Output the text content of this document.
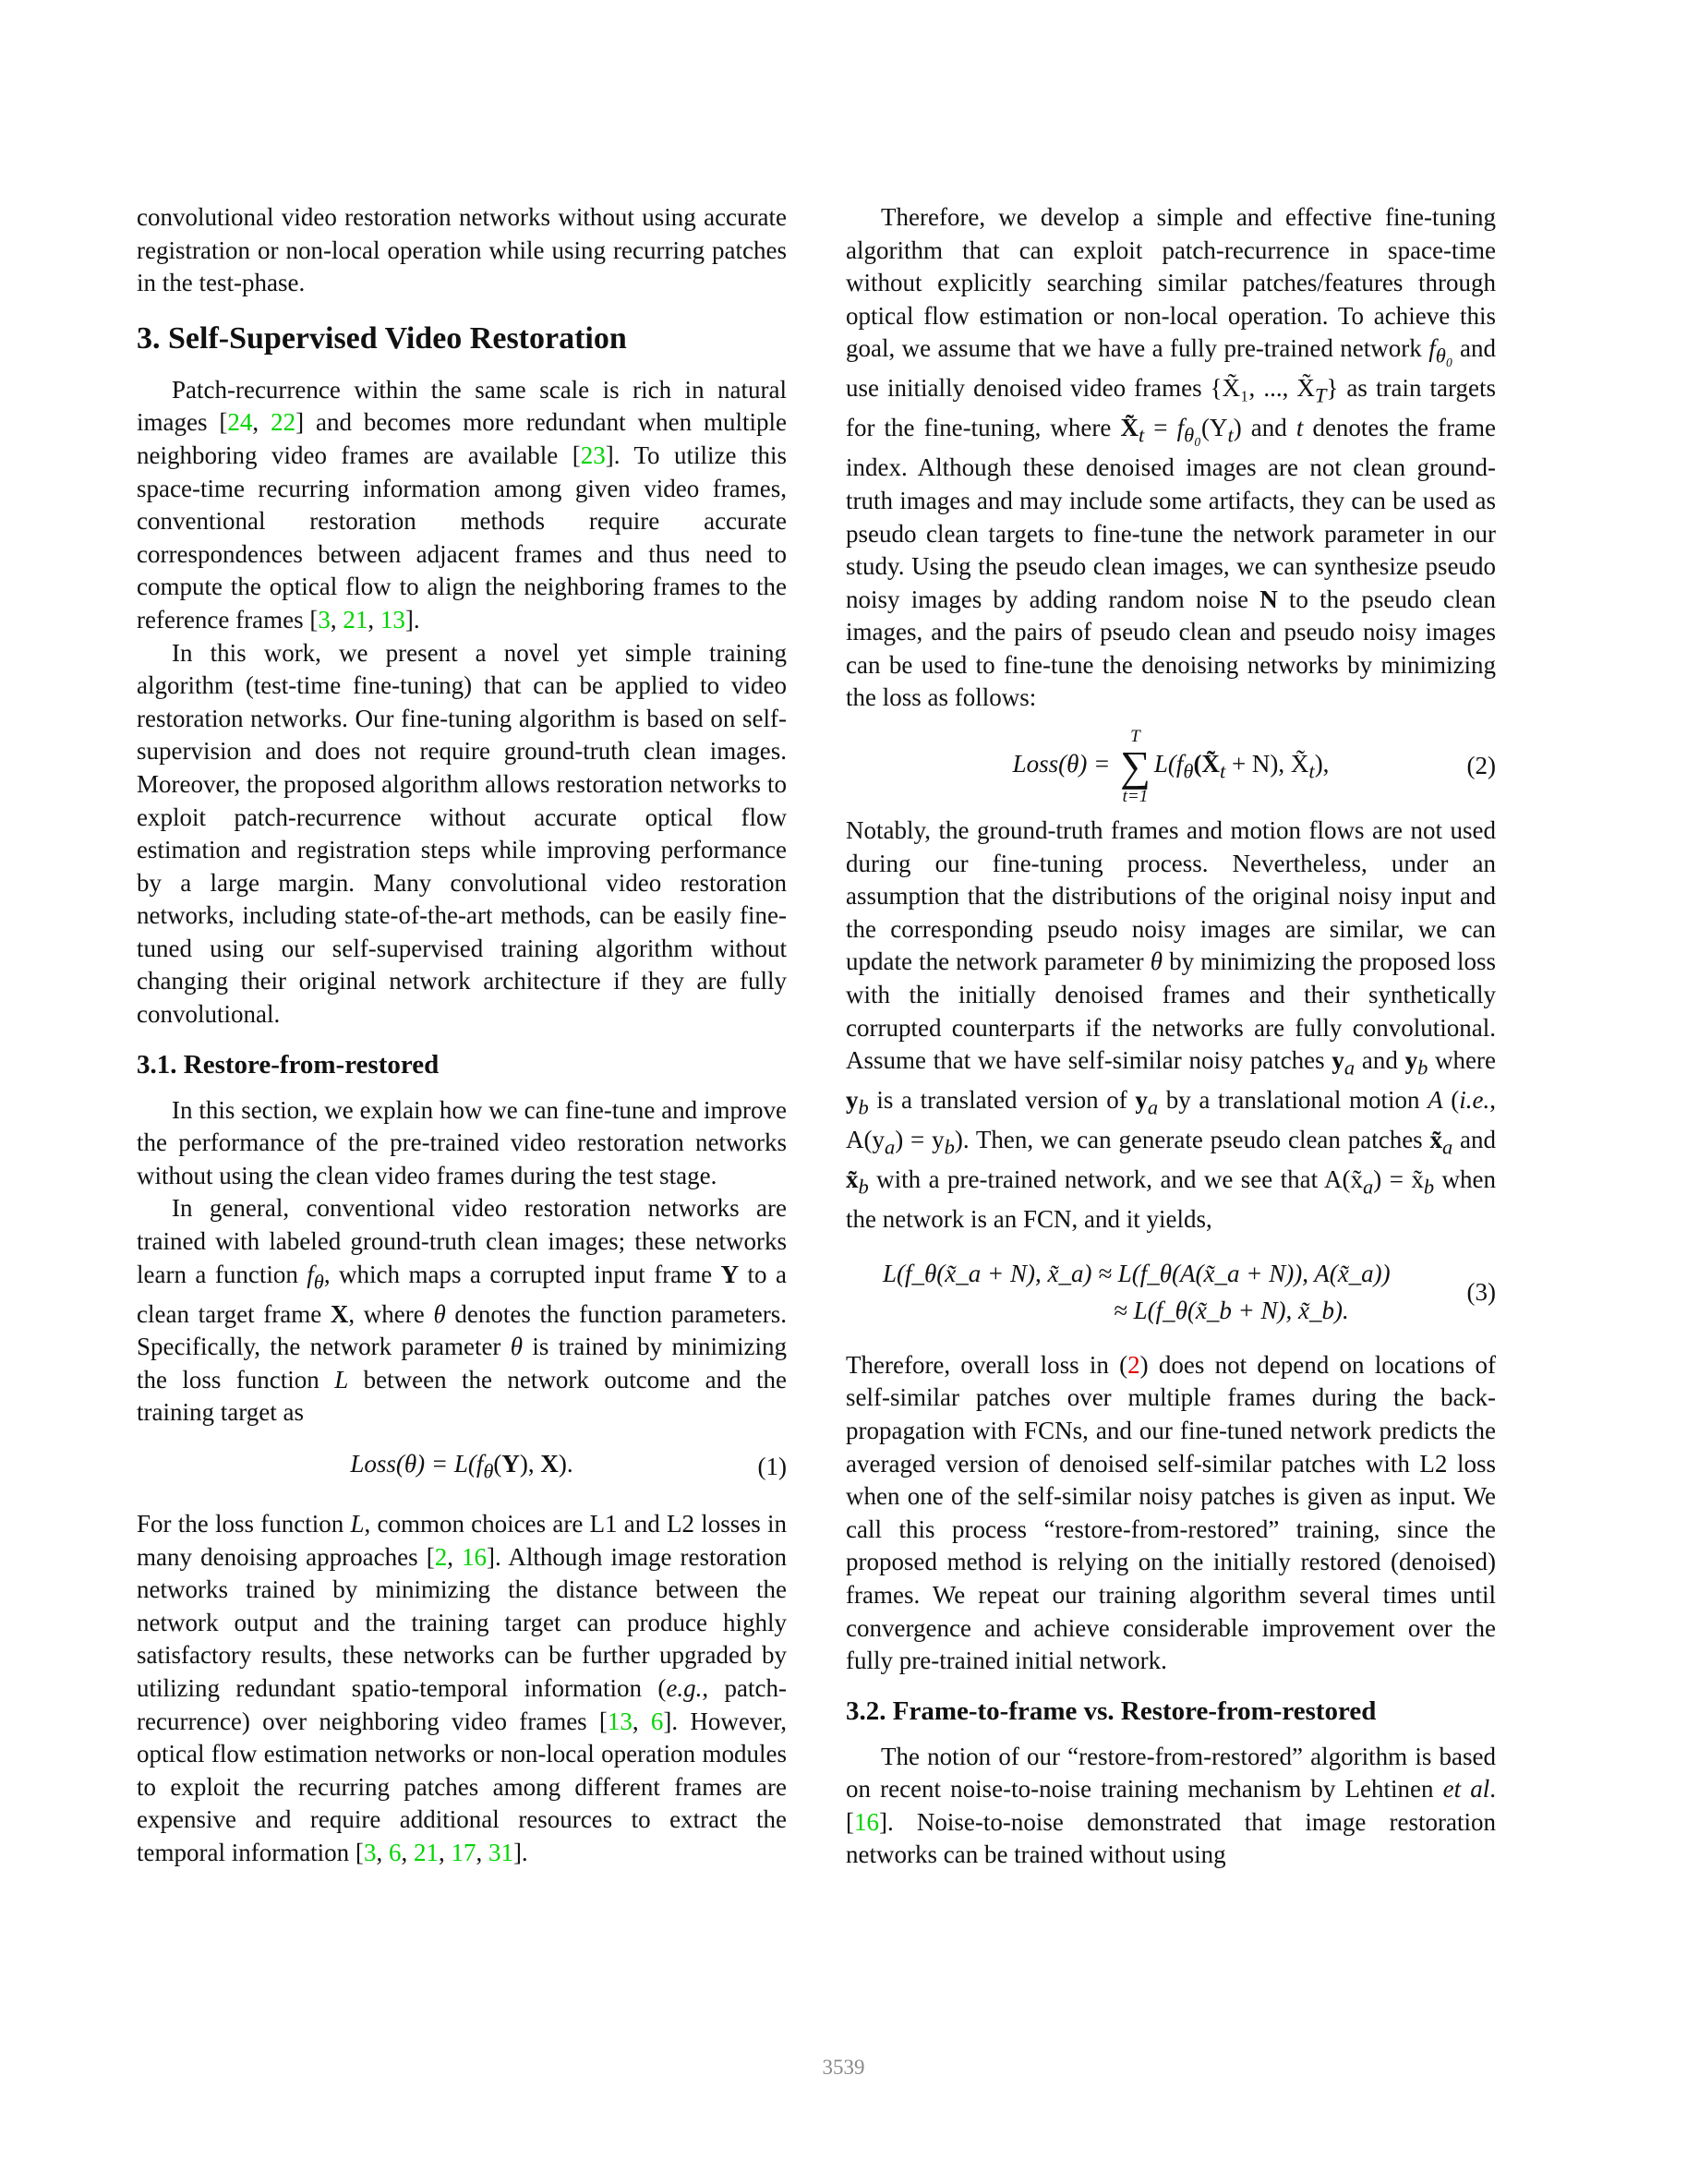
convolutional video restoration networks without using accurate registration or non-local operation while using recurring patches in the test-phase.

3. Self-Supervised Video Restoration

Patch-recurrence within the same scale is rich in natural images [24, 22] and becomes more redundant when multiple neighboring video frames are available [23]. To utilize this space-time recurring information among given video frames, conventional restoration methods require accurate correspondences between adjacent frames and thus need to compute the optical flow to align the neighboring frames to the reference frames [3, 21, 13].

In this work, we present a novel yet simple training algorithm (test-time fine-tuning) that can be applied to video restoration networks. Our fine-tuning algorithm is based on self-supervision and does not require ground-truth clean images. Moreover, the proposed algorithm allows restoration networks to exploit patch-recurrence without accurate optical flow estimation and registration steps while improving performance by a large margin. Many convolutional video restoration networks, including state-of-the-art methods, can be easily fine-tuned using our self-supervised training algorithm without changing their original network architecture if they are fully convolutional.

3.1. Restore-from-restored

In this section, we explain how we can fine-tune and improve the performance of the pre-trained video restoration networks without using the clean video frames during the test stage.

In general, conventional video restoration networks are trained with labeled ground-truth clean images; these networks learn a function $f_\theta$, which maps a corrupted input frame Y to a clean target frame X, where θ denotes the function parameters. Specifically, the network parameter θ is trained by minimizing the loss function L between the network outcome and the training target as

Loss(θ) = $L(f_\theta(Y)$, X).	(1)

For the loss function L, common choices are L1 and L2 losses in many denoising approaches [2, 16]. Although image restoration networks trained by minimizing the distance between the network output and the training target can produce highly satisfactory results, these networks can be further upgraded by utilizing redundant spatio-temporal information (e.g., patch-recurrence) over neighboring video frames [13, 6]. However, optical flow estimation networks or non-local operation modules to exploit the recurring patches among different frames are expensive and require additional resources to extract the temporal information [3, 6, 21, 17, 31].

Therefore, we develop a simple and effective fine-tuning algorithm that can exploit patch-recurrence in space-time without explicitly searching similar patches/features through optical flow estimation or non-local operation. To achieve this goal, we assume that we have a fully pre-trained network $f_{\theta_0}$ and use initially denoised video frames {X̃₁, ..., $X̃_T$} as train targets for the fine-tuning, where $X̃_t = f_{\theta_0}(Y_t)$ and t denotes the frame index. Although these denoised images are not clean ground-truth images and may include some artifacts, they can be used as pseudo clean targets to fine-tune the network parameter in our study. Using the pseudo clean images, we can synthesize pseudo noisy images by adding random noise N to the pseudo clean images, and the pairs of pseudo clean and pseudo noisy images can be used to fine-tune the denoising networks by minimizing the loss as follows:

Loss(θ) =
T
∑
t=1
$L(f_\theta(X̃_t + N)$, $X̃_t$),	(2)

Notably, the ground-truth frames and motion flows are not used during our fine-tuning process. Nevertheless, under an assumption that the distributions of the original noisy input and the corresponding pseudo noisy images are similar, we can update the network parameter θ by minimizing the proposed loss with the initially denoised frames and their synthetically corrupted counterparts if the networks are fully convolutional. Assume that we have self-similar noisy patches $y_a$ and $y_b$ where $y_b$ is a translated version of $y_a$ by a translational motion A (i.e., $A(y_a) = y_b$). Then, we can generate pseudo clean patches $x̃_a$ and $x̃_b$ with a pre-trained network, and we see that $A(x̃_a)$ = $x̃_b$ when the network is an FCN, and it yields,

L(f_θ(x̃_a + N), x̃_a) ≈ L(f_θ(A(x̃_a + N)), A(x̃_a))
≈ L(f_θ(x̃_b + N), x̃_b).
(3)

Therefore, overall loss in (2) does not depend on locations of self-similar patches over multiple frames during the back-propagation with FCNs, and our fine-tuned network predicts the averaged version of denoised self-similar patches with L2 loss when one of the self-similar noisy patches is given as input. We call this process “restore-from-restored” training, since the proposed method is relying on the initially restored (denoised) frames. We repeat our training algorithm several times until convergence and achieve considerable improvement over the fully pre-trained initial network.

3.2. Frame-to-frame vs. Restore-from-restored

The notion of our “restore-from-restored” algorithm is based on recent noise-to-noise training mechanism by Lehtinen et al. [16]. Noise-to-noise demonstrated that image restoration networks can be trained without using

3539
